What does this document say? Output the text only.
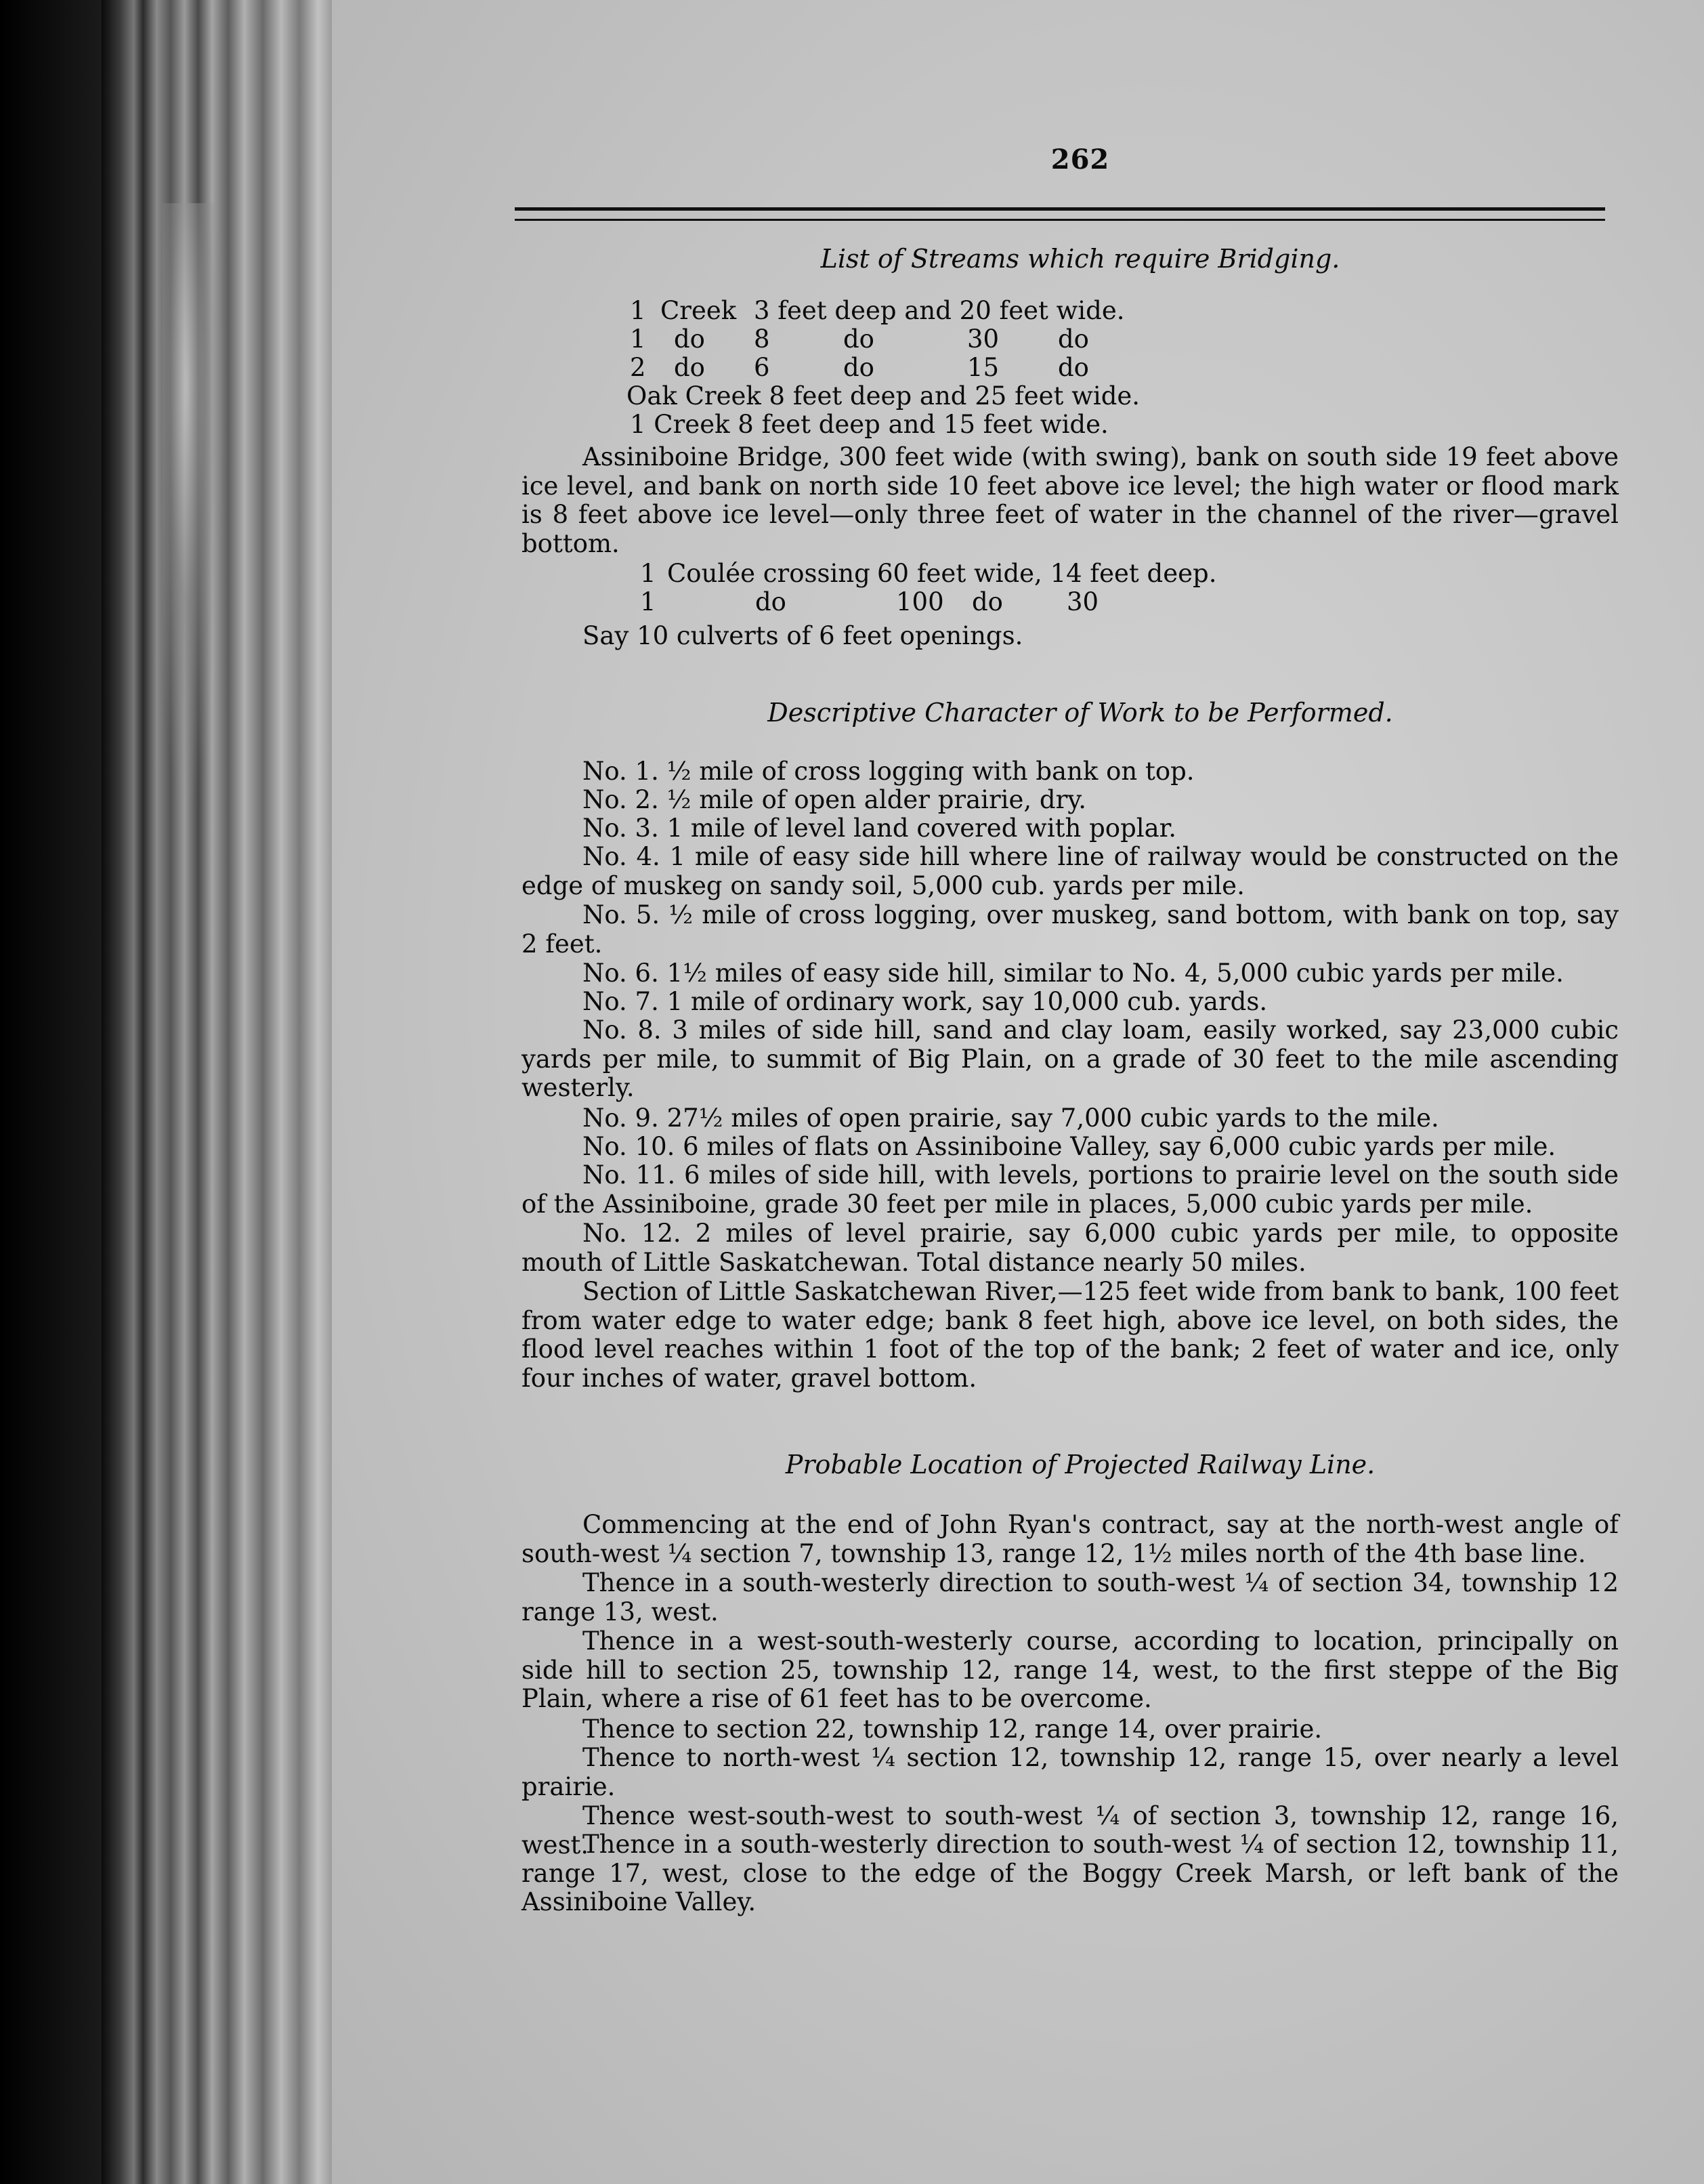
262
List of Streams which require Bridging.
1 Creek 3 feet deep and 20 feet wide.
1 do 8	do	30 do
2 do 6	do	15 do
Oak Creek 8 feet deep and 25 feet wide.
1 Creek 8 feet deep and 15 feet wide.
Assiniboine Bridge, 300 feet wide (with swing), bank on south side 19 feet above ice level, and bank on north side 10 feet above ice level; the high water or flood mark is 8 feet above ice level—only three feet of water in the channel of the river—gravel bottom.
1 Coulée crossing 60 feet wide, 14 feet deep.
1	do	100 do	30
Say 10 culverts of 6 feet openings.
Descriptive Character of Work to be Performed.
No. 1. ½ mile of cross logging with bank on top.
No. 2. ½ mile of open alder prairie, dry.
No. 3. 1 mile of level land covered with poplar.
No. 4. 1 mile of easy side hill where line of railway would be constructed on the edge of muskeg on sandy soil, 5,000 cub. yards per mile.
No. 5. ½ mile of cross logging, over muskeg, sand bottom, with bank on top, say 2 feet.
No. 6. 1½ miles of easy side hill, similar to No. 4, 5,000 cubic yards per mile.
No. 7. 1 mile of ordinary work, say 10,000 cub. yards.
No. 8. 3 miles of side hill, sand and clay loam, easily worked, say 23,000 cubic yards per mile, to summit of Big Plain, on a grade of 30 feet to the mile ascending westerly.
No. 9. 27½ miles of open prairie, say 7,000 cubic yards to the mile.
No. 10. 6 miles of flats on Assiniboine Valley, say 6,000 cubic yards per mile.
No. 11. 6 miles of side hill, with levels, portions to prairie level on the south side of the Assiniboine, grade 30 feet per mile in places, 5,000 cubic yards per mile.
No. 12. 2 miles of level prairie, say 6,000 cubic yards per mile, to opposite mouth of Little Saskatchewan. Total distance nearly 50 miles.
Section of Little Saskatchewan River,—125 feet wide from bank to bank, 100 feet from water edge to water edge; bank 8 feet high, above ice level, on both sides, the flood level reaches within 1 foot of the top of the bank; 2 feet of water and ice, only four inches of water, gravel bottom.
Probable Location of Projected Railway Line.
Commencing at the end of John Ryan's contract, say at the north-west angle of south-west ¼ section 7, township 13, range 12, 1½ miles north of the 4th base line.
Thence in a south-westerly direction to south-west ¼ of section 34, township 12 range 13, west.
Thence in a west-south-westerly course, according to location, principally on side hill to section 25, township 12, range 14, west, to the first steppe of the Big Plain, where a rise of 61 feet has to be overcome.
Thence to section 22, township 12, range 14, over prairie.
Thence to north-west ¼ section 12, township 12, range 15, over nearly a level prairie.
Thence west-south-west to south-west ¼ of section 3, township 12, range 16, west.
Thence in a south-westerly direction to south-west ¼ of section 12, township 11, range 17, west, close to the edge of the Boggy Creek Marsh, or left bank of the Assiniboine Valley.
